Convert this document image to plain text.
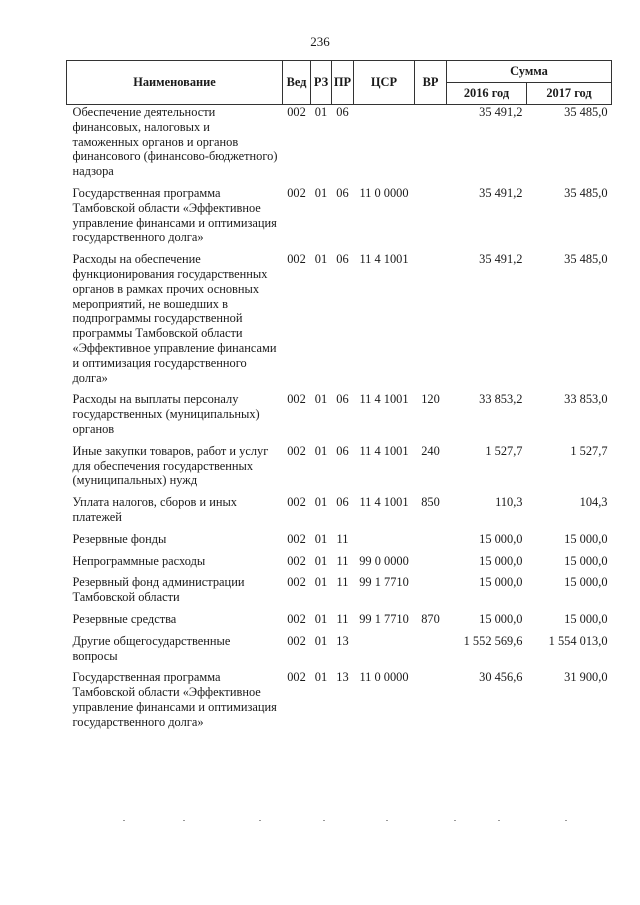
236
Наименование	Вед	РЗ	ПР	ЦСР	ВР	Сумма	
						2016 год	2017 год
Обеспечение деятельности финансовых, налоговых и таможенных органов и органов финансового (финансово-бюджетного) надзора	002	01	06			35 491,2	35 485,0
Государственная программа Тамбовской области «Эффективное управление финансами и оптимизация государственного долга»	002	01	06	11 0 0000		35 491,2	35 485,0
Расходы на обеспечение функционирования государственных органов в рамках прочих основных мероприятий, не вошедших в подпрограммы государственной программы Тамбовской области «Эффективное управление финансами и оптимизация государственного долга»	002	01	06	11 4 1001		35 491,2	35 485,0
Расходы на выплаты персоналу государственных (муниципальных) органов	002	01	06	11 4 1001	120	33 853,2	33 853,0
Иные закупки товаров, работ и услуг для обеспечения государственных (муниципальных) нужд	002	01	06	11 4 1001	240	1 527,7	1 527,7
Уплата налогов, сборов и иных платежей	002	01	06	11 4 1001	850	110,3	104,3
Резервные фонды	002	01	11			15 000,0	15 000,0
Непрограммные расходы	002	01	11	99 0 0000		15 000,0	15 000,0
Резервный фонд администрации Тамбовской области	002	01	11	99 1 7710		15 000,0	15 000,0
Резервные средства	002	01	11	99 1 7710	870	15 000,0	15 000,0
Другие общегосударственные вопросы	002	01	13			1 552 569,6	1 554 013,0
Государственная программа Тамбовской области «Эффективное управление финансами и оптимизация государственного долга»	002	01	13	11 0 0000		30 456,6	31 900,0
